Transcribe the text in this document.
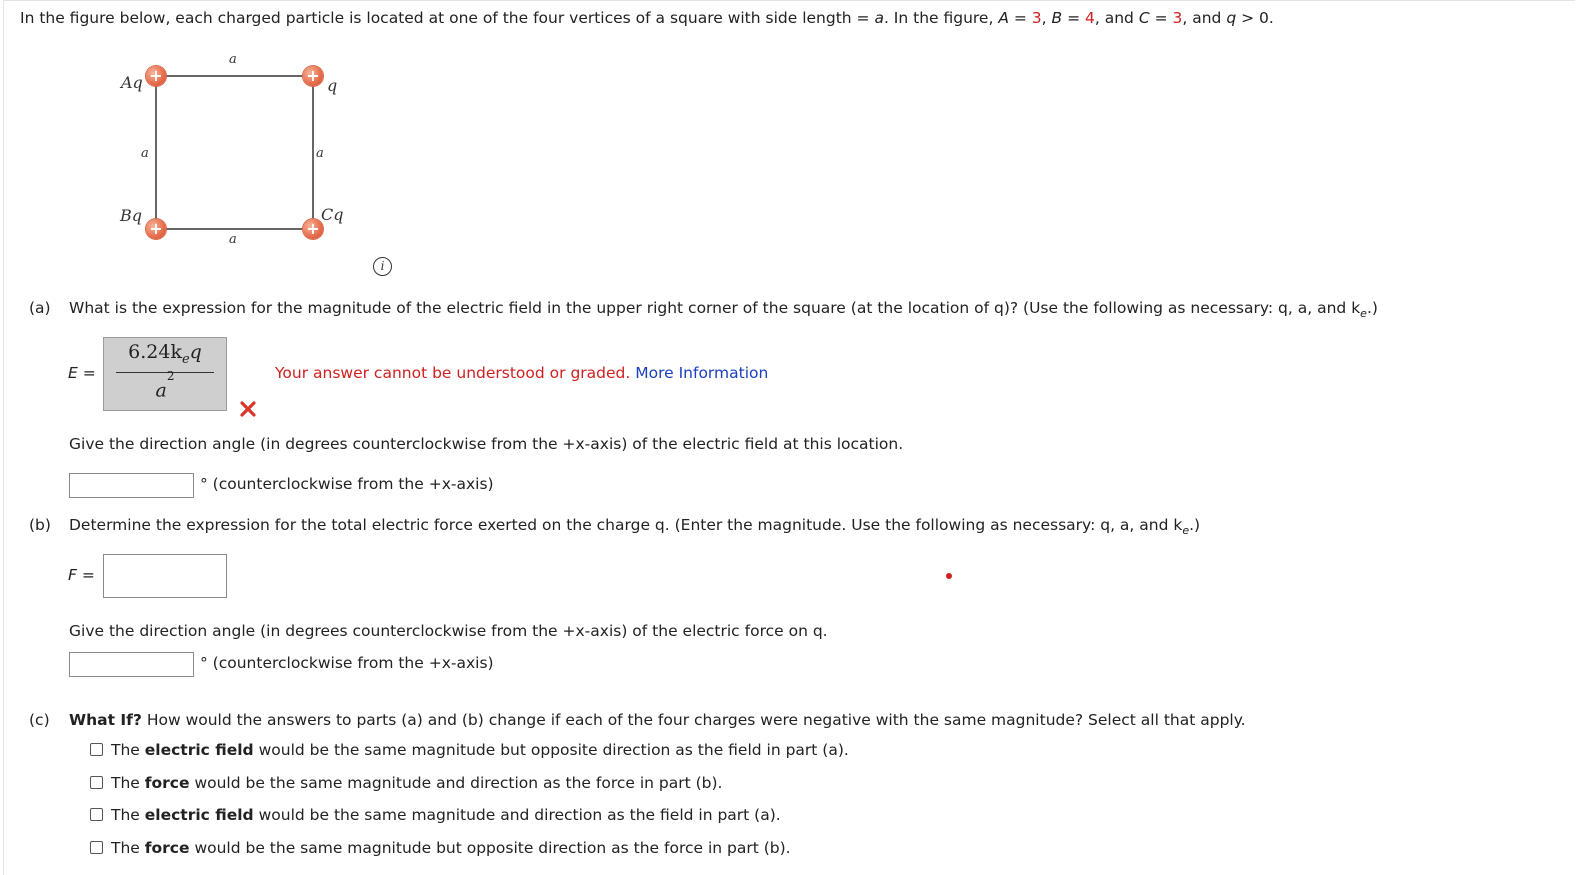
In the figure below, each charged particle is located at one of the four vertices of a square with side length = a. In the figure, A = 3, B = 4, and C = 3, and q > 0.
a
a
a	a
+	+
+	+
Aq	q
Bq	Cq
i
(a) What is the expression for the magnitude of the electric field in the upper right corner of the square (at the location of q)? (Use the following as necessary: q, a, and $k_e$.)
E =
$6.24k_eq$
$a^2$	Your answer cannot be understood or graded. More Information
Give the direction angle (in degrees counterclockwise from the +x-axis) of the electric field at this location.
° (counterclockwise from the +x-axis)
(b) Determine the expression for the total electric force exerted on the charge q. (Enter the magnitude. Use the following as necessary: q, a, and $k_e$.)
F =
Give the direction angle (in degrees counterclockwise from the +x-axis) of the electric force on q.
° (counterclockwise from the +x-axis)
(c) What If? How would the answers to parts (a) and (b) change if each of the four charges were negative with the same magnitude? Select all that apply.
The electric field would be the same magnitude but opposite direction as the field in part (a).
The force would be the same magnitude and direction as the force in part (b).
The electric field would be the same magnitude and direction as the field in part (a).
The force would be the same magnitude but opposite direction as the force in part (b).
